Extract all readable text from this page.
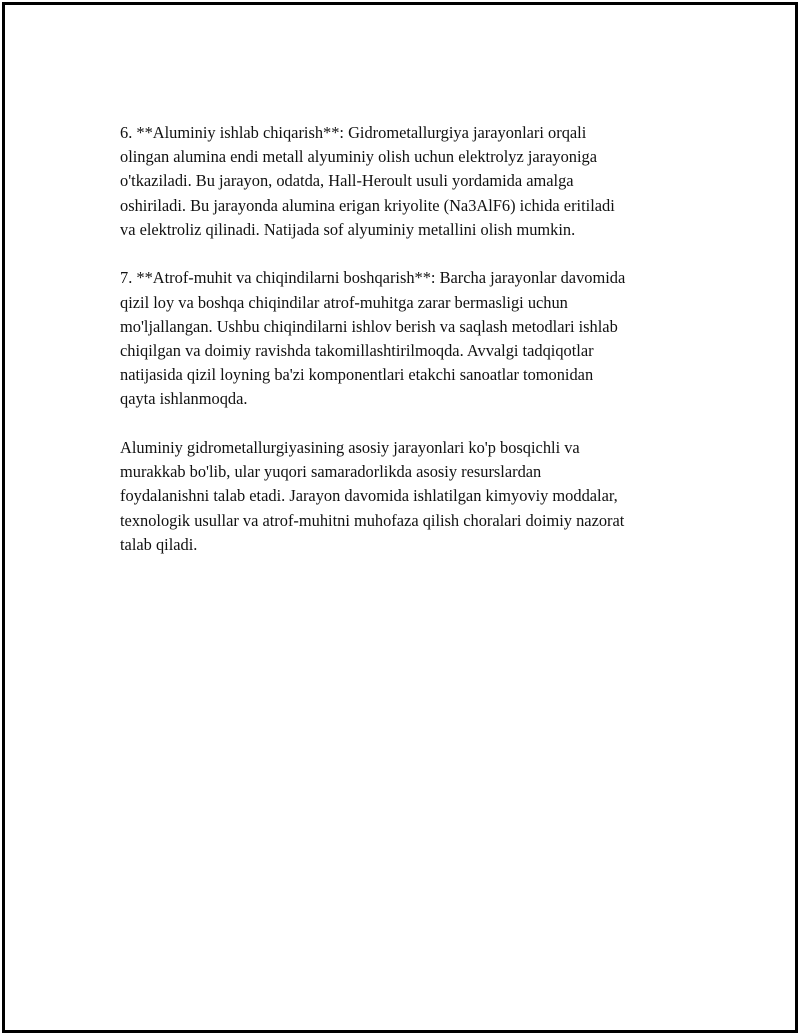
6. **Aluminiy ishlab chiqarish**: Gidrometallurgiya jarayonlari orqali
olingan alumina endi metall alyuminiy olish uchun elektrolyz jarayoniga
o'tkaziladi. Bu jarayon, odatda, Hall-Heroult usuli yordamida amalga
oshiriladi. Bu jarayonda alumina erigan kriyolite (Na3AlF6) ichida eritiladi
va elektroliz qilinadi. Natijada sof alyuminiy metallini olish mumkin.

7. **Atrof-muhit va chiqindilarni boshqarish**: Barcha jarayonlar davomida
qizil loy va boshqa chiqindilar atrof-muhitga zarar bermasligi uchun
mo'ljallangan. Ushbu chiqindilarni ishlov berish va saqlash metodlari ishlab
chiqilgan va doimiy ravishda takomillashtirilmoqda. Avvalgi tadqiqotlar
natijasida qizil loyning ba'zi komponentlari etakchi sanoatlar tomonidan
qayta ishlanmoqda.

Aluminiy gidrometallurgiyasining asosiy jarayonlari ko'p bosqichli va
murakkab bo'lib, ular yuqori samaradorlikda asosiy resurslardan
foydalanishni talab etadi. Jarayon davomida ishlatilgan kimyoviy moddalar,
texnologik usullar va atrof-muhitni muhofaza qilish choralari doimiy nazorat
talab qiladi.
